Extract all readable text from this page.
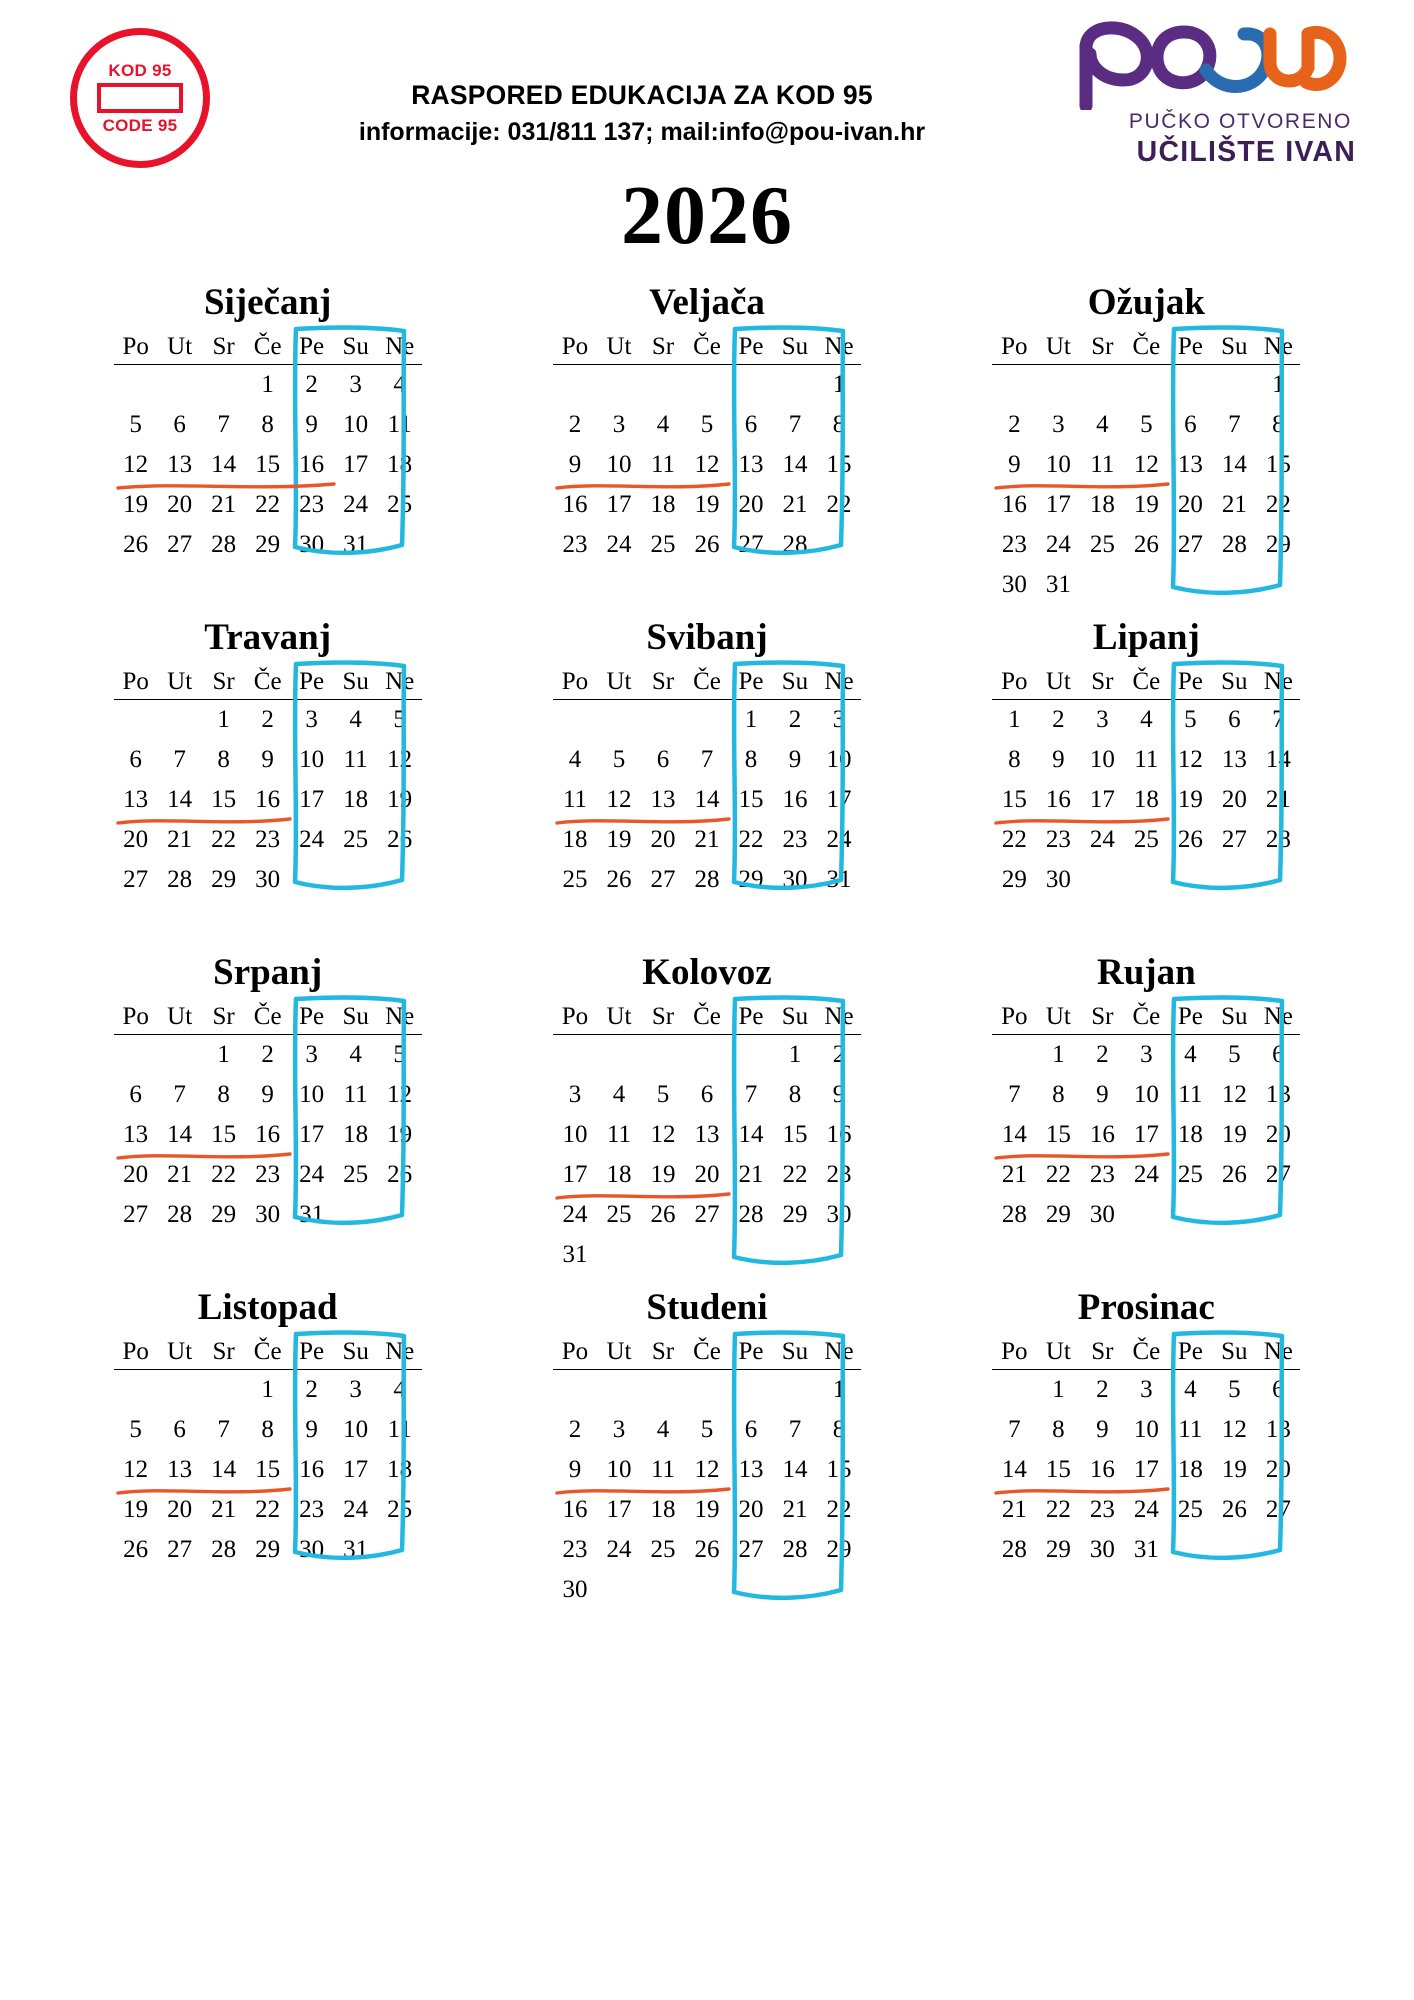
KOD 95
CODE 95
RASPORED EDUKACIJA ZA KOD 95
informacije: 031/811 137; mail:info@pou-ivan.hr	PUČKO OTVORENO
UČILIŠTE IVAN
2026
Siječanj
Po	Ut	Sr	Če	Pe	Su	Ne
			1	2	3	4
5	6	7	8	9	10	11
12	13	14	15	16	17	18
19	20	21	22	23	24	25
26	27	28	29	30	31	
Veljača
Po	Ut	Sr	Če	Pe	Su	Ne
						1
2	3	4	5	6	7	8
9	10	11	12	13	14	15
16	17	18	19	20	21	22
23	24	25	26	27	28	
Ožujak
Po	Ut	Sr	Če	Pe	Su	Ne
						1
2	3	4	5	6	7	8
9	10	11	12	13	14	15
16	17	18	19	20	21	22
23	24	25	26	27	28	29
30	31					
Travanj
Po	Ut	Sr	Če	Pe	Su	Ne
		1	2	3	4	5
6	7	8	9	10	11	12
13	14	15	16	17	18	19
20	21	22	23	24	25	26
27	28	29	30			
Svibanj
Po	Ut	Sr	Če	Pe	Su	Ne
				1	2	3
4	5	6	7	8	9	10
11	12	13	14	15	16	17
18	19	20	21	22	23	24
25	26	27	28	29	30	31
Lipanj
Po	Ut	Sr	Če	Pe	Su	Ne
1	2	3	4	5	6	7
8	9	10	11	12	13	14
15	16	17	18	19	20	21
22	23	24	25	26	27	28
29	30					
Srpanj
Po	Ut	Sr	Če	Pe	Su	Ne
		1	2	3	4	5
6	7	8	9	10	11	12
13	14	15	16	17	18	19
20	21	22	23	24	25	26
27	28	29	30	31		
Kolovoz
Po	Ut	Sr	Če	Pe	Su	Ne
					1	2
3	4	5	6	7	8	9
10	11	12	13	14	15	16
17	18	19	20	21	22	23
24	25	26	27	28	29	30
31						
Rujan
Po	Ut	Sr	Če	Pe	Su	Ne
	1	2	3	4	5	6
7	8	9	10	11	12	13
14	15	16	17	18	19	20
21	22	23	24	25	26	27
28	29	30				
Listopad
Po	Ut	Sr	Če	Pe	Su	Ne
			1	2	3	4
5	6	7	8	9	10	11
12	13	14	15	16	17	18
19	20	21	22	23	24	25
26	27	28	29	30	31	
Studeni
Po	Ut	Sr	Če	Pe	Su	Ne
						1
2	3	4	5	6	7	8
9	10	11	12	13	14	15
16	17	18	19	20	21	22
23	24	25	26	27	28	29
30						
Prosinac
Po	Ut	Sr	Če	Pe	Su	Ne
	1	2	3	4	5	6
7	8	9	10	11	12	13
14	15	16	17	18	19	20
21	22	23	24	25	26	27
28	29	30	31			
